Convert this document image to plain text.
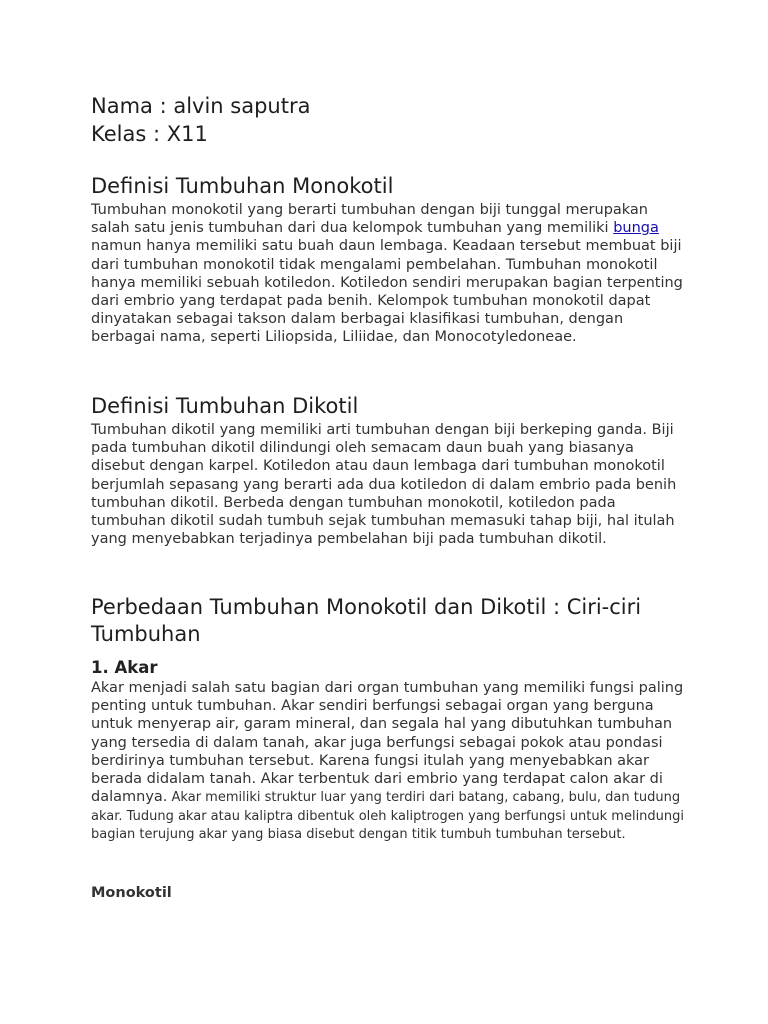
Nama : alvin saputra
Kelas : X11
Definisi Tumbuhan Monokotil

Tumbuhan monokotil yang berarti tumbuhan dengan biji tunggal merupakan salah satu jenis tumbuhan dari dua kelompok tumbuhan yang memiliki bunga namun hanya memiliki satu buah daun lembaga. Keadaan tersebut membuat biji dari tumbuhan monokotil tidak mengalami pembelahan. Tumbuhan monokotil hanya memiliki sebuah kotiledon. Kotiledon sendiri merupakan bagian terpenting dari embrio yang terdapat pada benih. Kelompok tumbuhan monokotil dapat dinyatakan sebagai takson dalam berbagai klasifikasi tumbuhan, dengan berbagai nama, seperti Liliopsida, Liliidae, dan Monocotyledoneae.

Definisi Tumbuhan Dikotil

Tumbuhan dikotil yang memiliki arti tumbuhan dengan biji berkeping ganda. Biji pada tumbuhan dikotil dilindungi oleh semacam daun buah yang biasanya disebut dengan karpel. Kotiledon atau daun lembaga dari tumbuhan monokotil berjumlah sepasang yang berarti ada dua kotiledon di dalam embrio pada benih tumbuhan dikotil. Berbeda dengan tumbuhan monokotil, kotiledon pada tumbuhan dikotil sudah tumbuh sejak tumbuhan memasuki tahap biji, hal itulah yang menyebabkan terjadinya pembelahan biji pada tumbuhan dikotil.

Perbedaan Tumbuhan Monokotil dan Dikotil : Ciri-ciri Tumbuhan
1. Akar

Akar menjadi salah satu bagian dari organ tumbuhan yang memiliki fungsi paling penting untuk tumbuhan. Akar sendiri berfungsi sebagai organ yang berguna untuk menyerap air, garam mineral, dan segala hal yang dibutuhkan tumbuhan yang tersedia di dalam tanah, akar juga berfungsi sebagai pokok atau pondasi berdirinya tumbuhan tersebut. Karena fungsi itulah yang menyebabkan akar berada didalam tanah. Akar terbentuk dari embrio yang terdapat calon akar di dalamnya. Akar memiliki struktur luar yang terdiri dari batang, cabang, bulu, dan tudung akar. Tudung akar atau kaliptra dibentuk oleh kaliptrogen yang berfungsi untuk melindungi bagian terujung akar yang biasa disebut dengan titik tumbuh tumbuhan tersebut.

Monokotil
